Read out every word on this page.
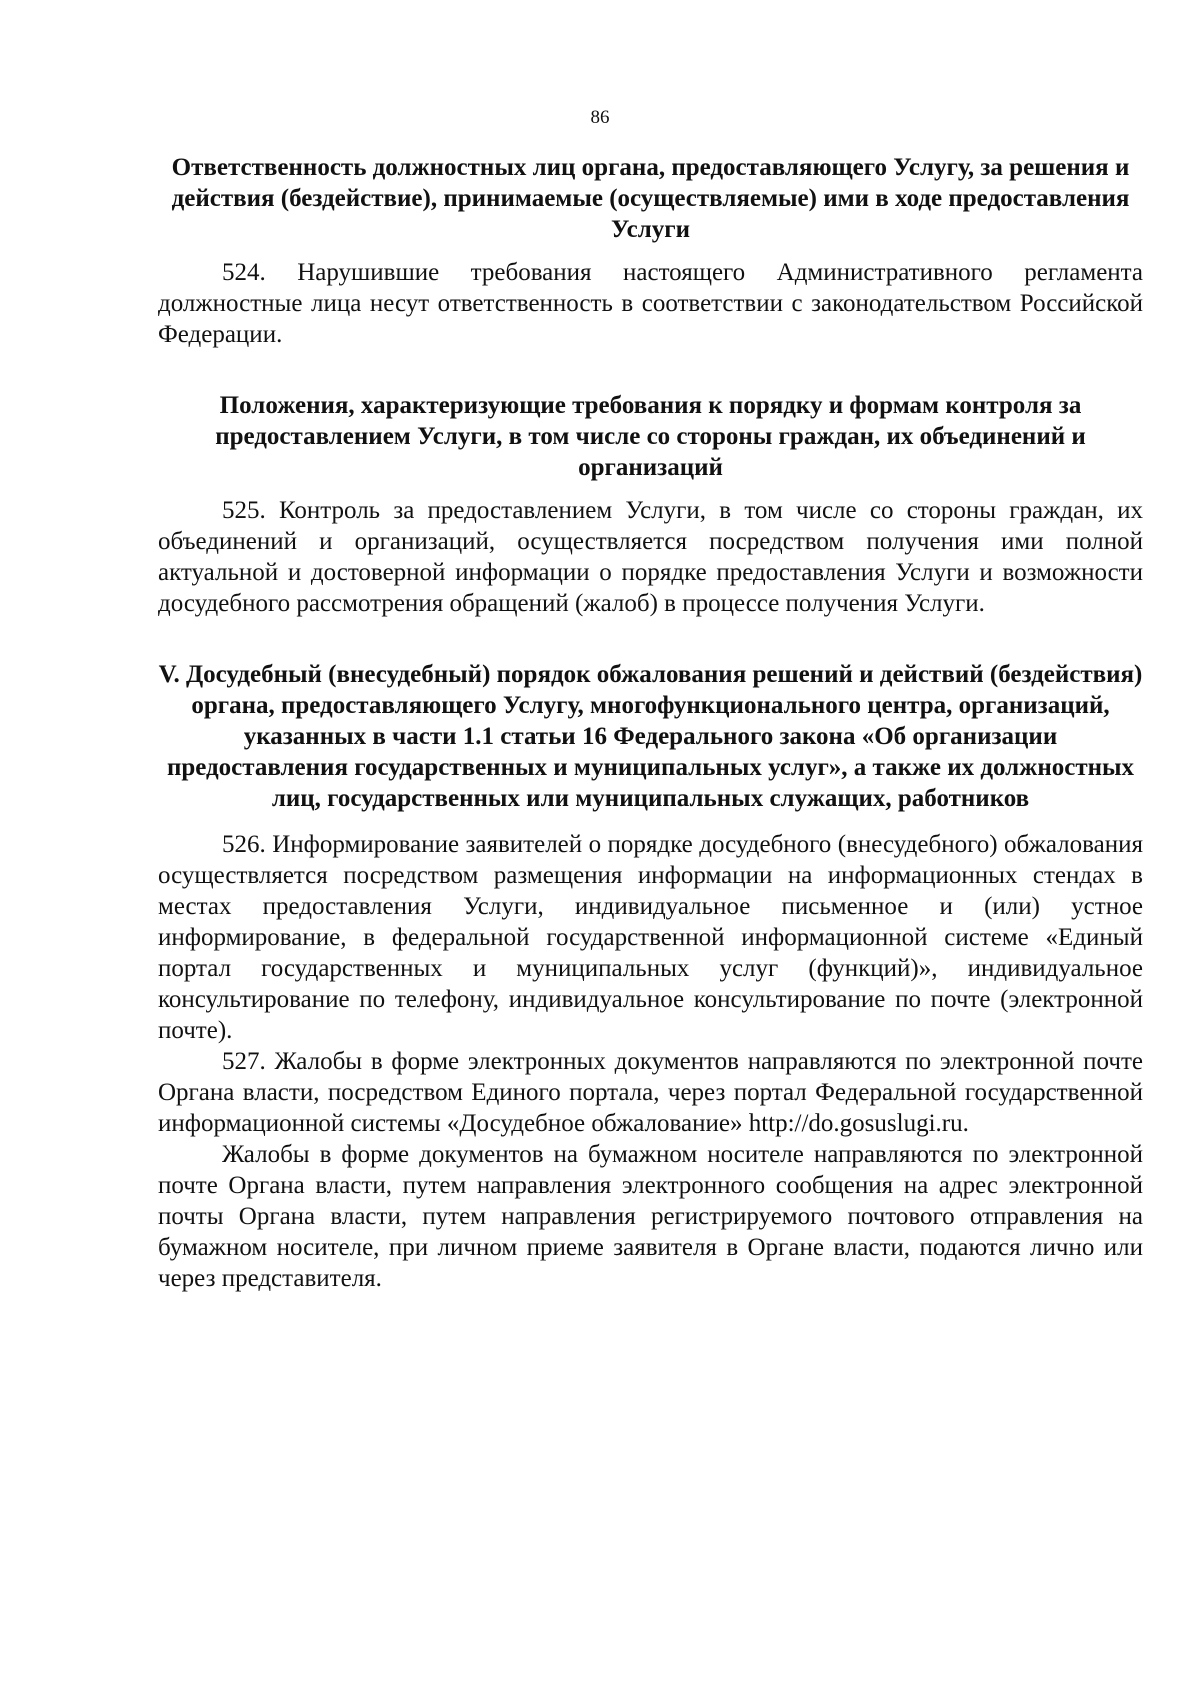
86

Ответственность должностных лиц органа, предоставляющего Услугу, за решения и действия (бездействие), принимаемые (осуществляемые) ими в ходе предоставления Услуги

524. Нарушившие требования настоящего Административного регламента должностные лица несут ответственность в соответствии с законодательством Российской Федерации.

Положения, характеризующие требования к порядку и формам контроля за предоставлением Услуги, в том числе со стороны граждан, их объединений и организаций

525. Контроль за предоставлением Услуги, в том числе со стороны граждан, их объединений и организаций, осуществляется посредством получения ими полной актуальной и достоверной информации о порядке предоставления Услуги и возможности досудебного рассмотрения обращений (жалоб) в процессе получения Услуги.

V. Досудебный (внесудебный) порядок обжалования решений и действий (бездействия) органа, предоставляющего Услугу, многофункционального центра, организаций, указанных в части 1.1 статьи 16 Федерального закона «Об организации предоставления государственных и муниципальных услуг», а также их должностных лиц, государственных или муниципальных служащих, работников

526. Информирование заявителей о порядке досудебного (внесудебного) обжалования осуществляется посредством размещения информации на информационных стендах в местах предоставления Услуги, индивидуальное письменное и (или) устное информирование, в федеральной государственной информационной системе «Единый портал государственных и муниципальных услуг (функций)», индивидуальное консультирование по телефону, индивидуальное консультирование по почте (электронной почте).

527. Жалобы в форме электронных документов направляются по электронной почте Органа власти, посредством Единого портала, через портал Федеральной государственной информационной системы «Досудебное обжалование» http://do.gosuslugi.ru.

Жалобы в форме документов на бумажном носителе направляются по электронной почте Органа власти, путем направления электронного сообщения на адрес электронной почты Органа власти, путем направления регистрируемого почтового отправления на бумажном носителе, при личном приеме заявителя в Органе власти, подаются лично или через представителя.
